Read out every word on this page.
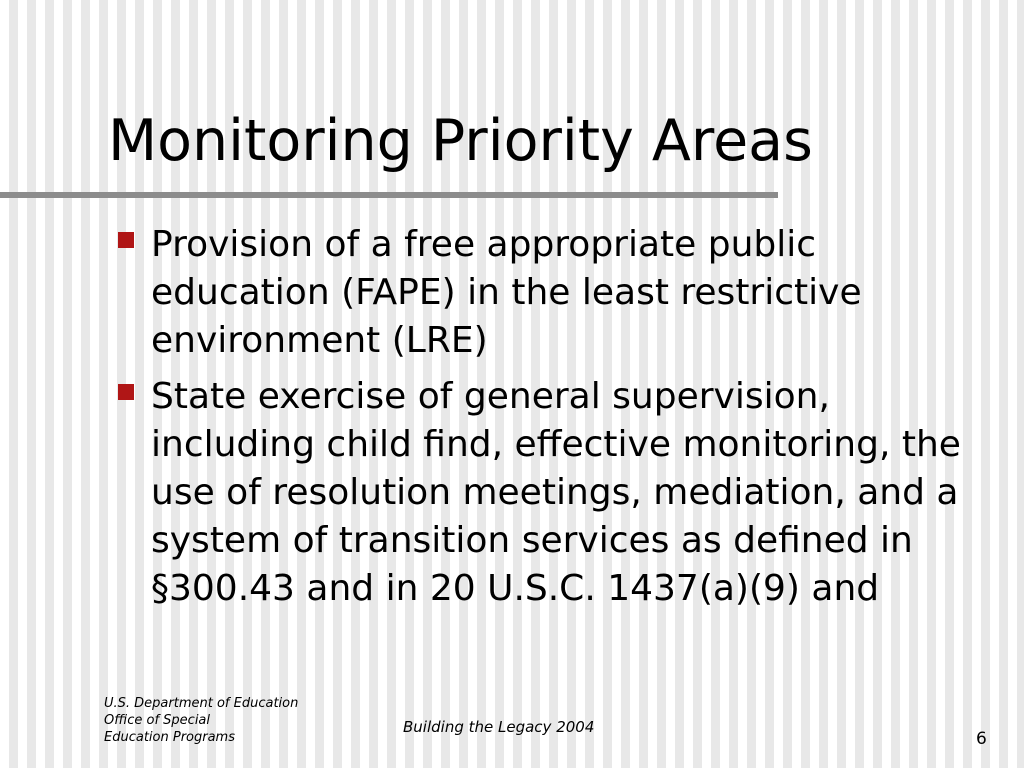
Monitoring Priority Areas
Provision of a free appropriate public education (FAPE) in the least restrictive environment (LRE)
State exercise of general supervision, including child find, effective monitoring, the use of resolution meetings, mediation, and a system of transition services as defined in §300.43 and in 20 U.S.C. 1437(a)(9) and
U.S. Department of Education
Office of Special
Education Programs
Building the Legacy 2004
6
